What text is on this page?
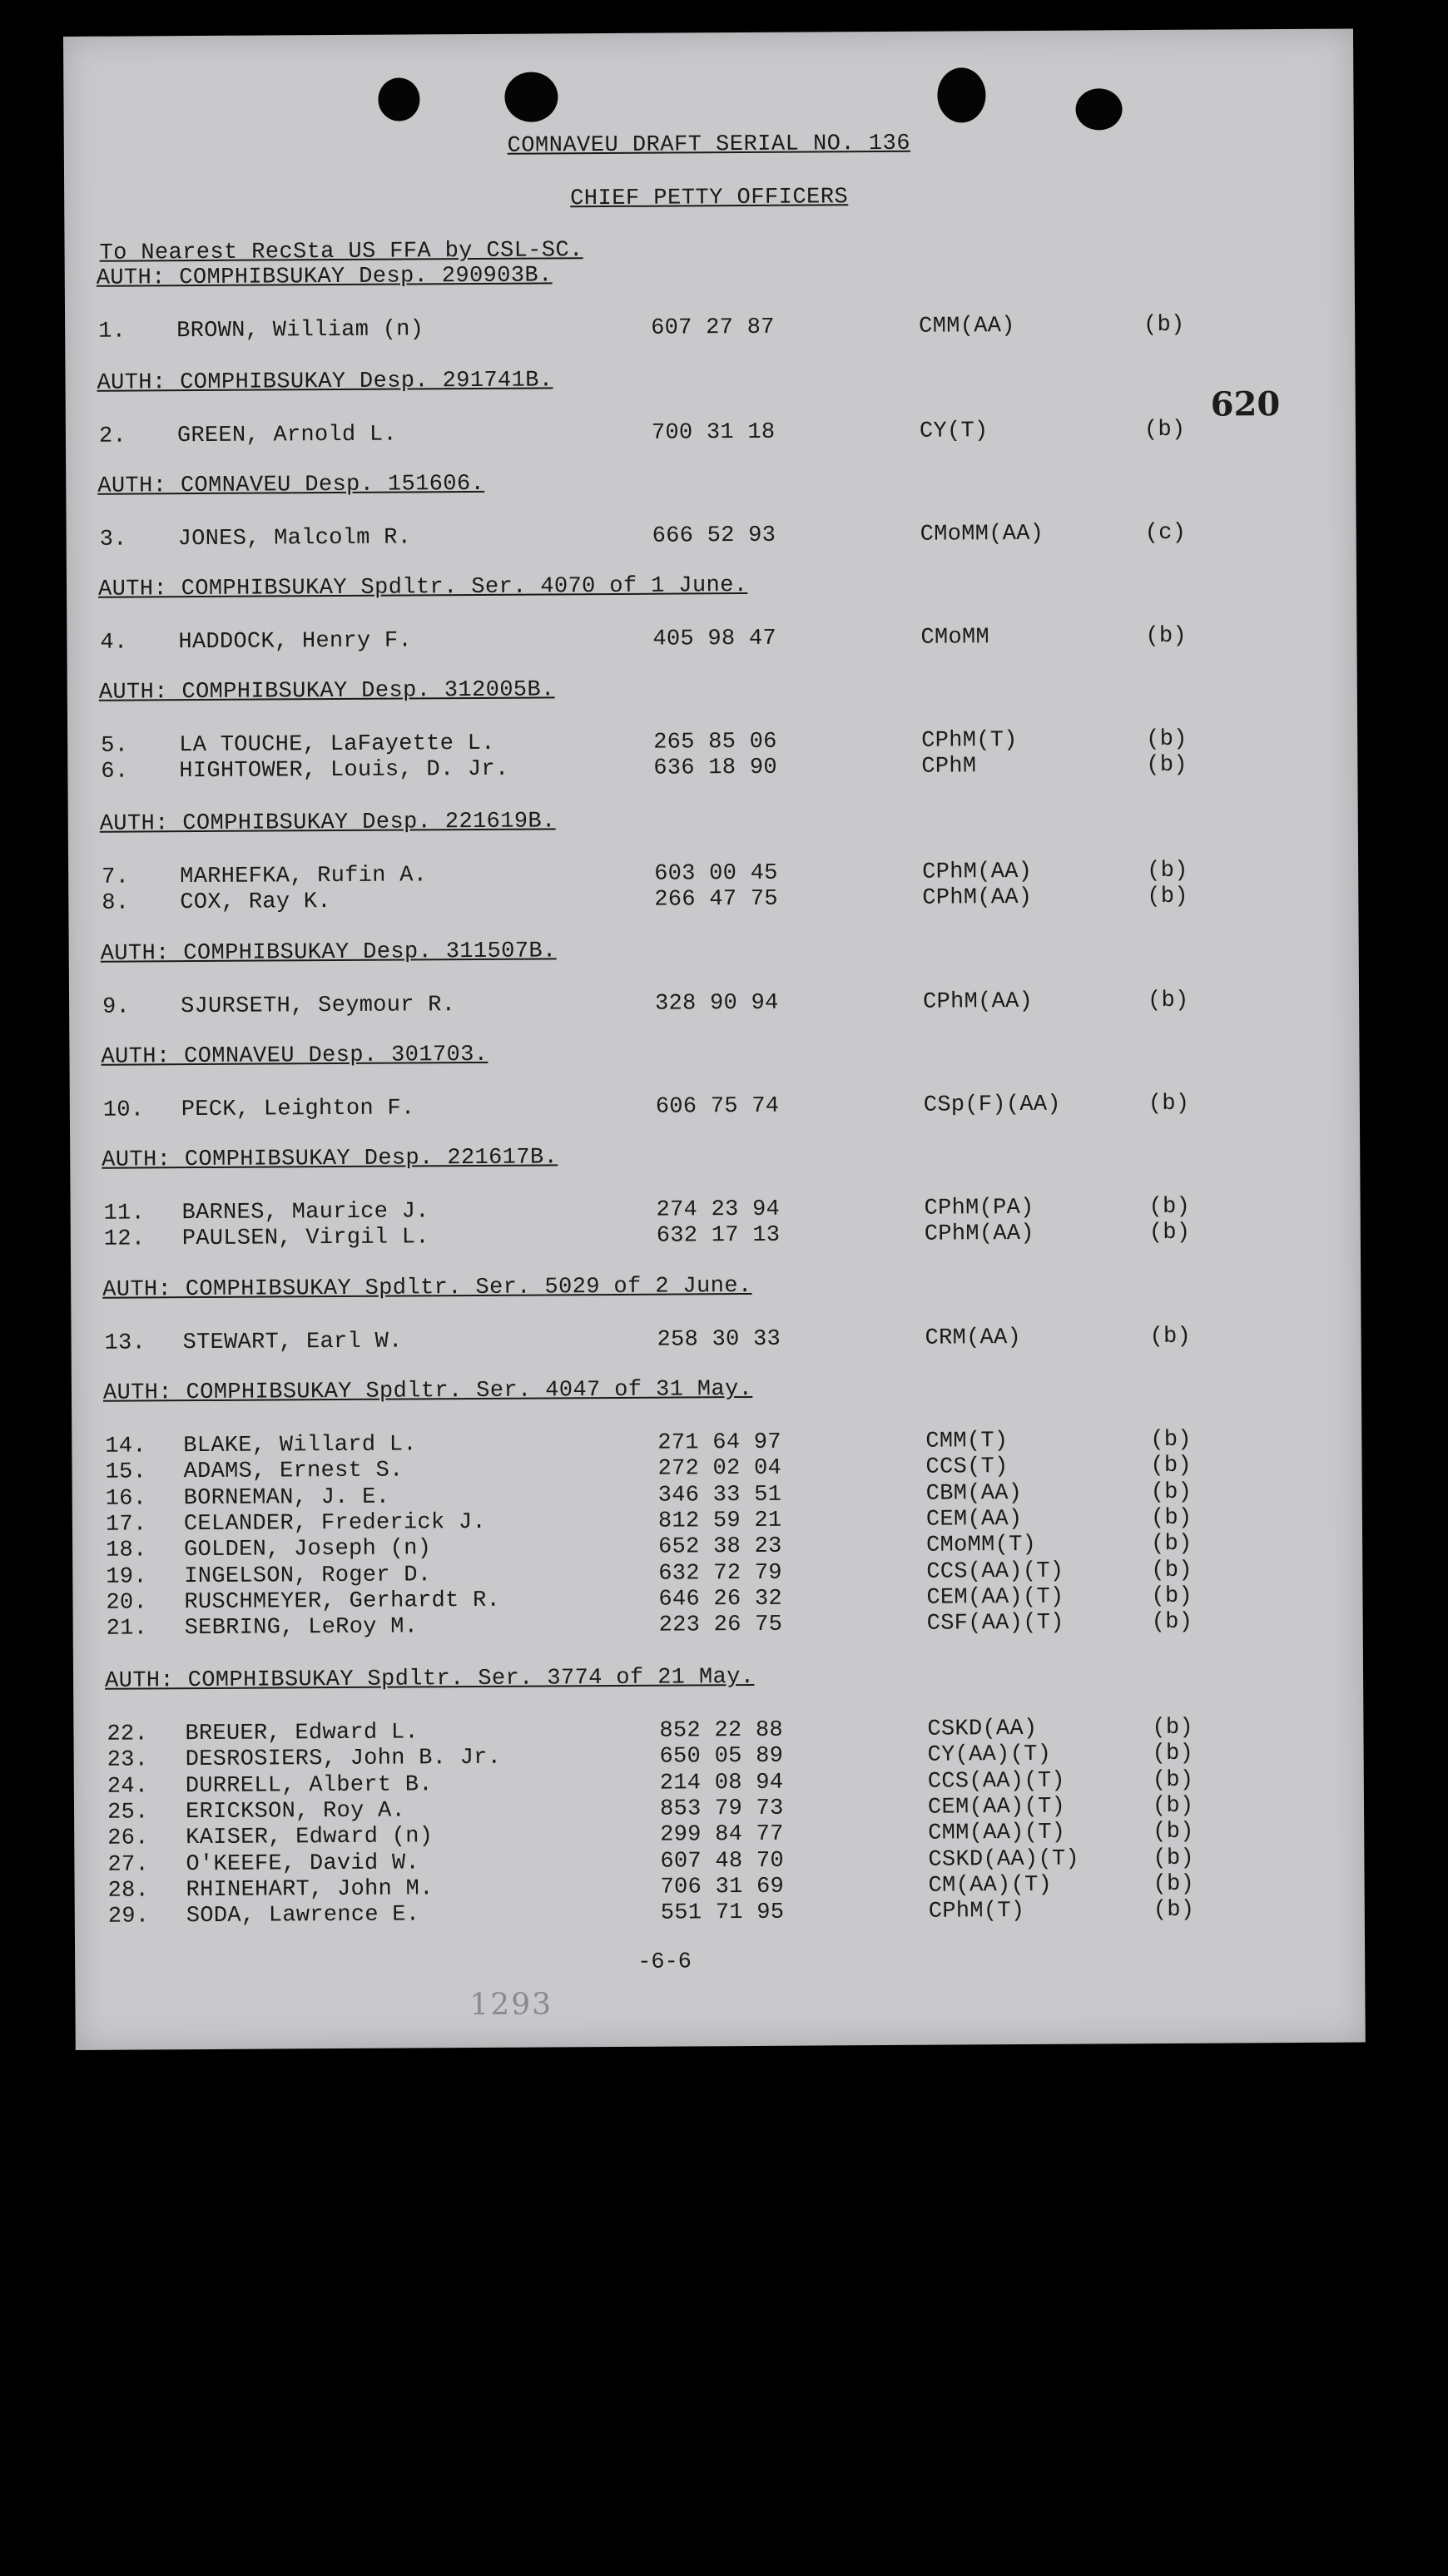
COMNAVEU DRAFT SERIAL NO. 136
CHIEF PETTY OFFICERS
To Nearest RecSta US FFA by CSL-SC.
620
AUTH: COMPHIBSUKAY Desp. 290903B.
1. BROWN, William (n)	607 27 87	CMM(AA)	(b)
AUTH: COMPHIBSUKAY Desp. 291741B.
2. GREEN, Arnold L.	700 31 18	CY(T)	(b)
AUTH: COMNAVEU Desp. 151606.
3. JONES, Malcolm R.	666 52 93	CMoMM(AA)	(c)
AUTH: COMPHIBSUKAY Spdltr. Ser. 4070 of 1 June.
4. HADDOCK, Henry F.	405 98 47	CMoMM	(b)
AUTH: COMPHIBSUKAY Desp. 312005B.
5. LA TOUCHE, LaFayette L.	265 85 06	CPhM(T)	(b)
6. HIGHTOWER, Louis, D. Jr.	636 18 90	CPhM	(b)
AUTH: COMPHIBSUKAY Desp. 221619B.
7. MARHEFKA, Rufin A.	603 00 45	CPhM(AA)	(b)
8. COX, Ray K.	266 47 75	CPhM(AA)	(b)
AUTH: COMPHIBSUKAY Desp. 311507B.
9. SJURSETH, Seymour R.	328 90 94	CPhM(AA)	(b)
AUTH: COMNAVEU Desp. 301703.
10. PECK, Leighton F.	606 75 74	CSp(F)(AA)	(b)
AUTH: COMPHIBSUKAY Desp. 221617B.
11. BARNES, Maurice J.	274 23 94	CPhM(PA)	(b)
12. PAULSEN, Virgil L.	632 17 13	CPhM(AA)	(b)
AUTH: COMPHIBSUKAY Spdltr. Ser. 5029 of 2 June.
13. STEWART, Earl W.	258 30 33	CRM(AA)	(b)
AUTH: COMPHIBSUKAY Spdltr. Ser. 4047 of 31 May.
14. BLAKE, Willard L.	271 64 97	CMM(T)	(b)
15. ADAMS, Ernest S.	272 02 04	CCS(T)	(b)
16. BORNEMAN, J. E.	346 33 51	CBM(AA)	(b)
17. CELANDER, Frederick J.	812 59 21	CEM(AA)	(b)
18. GOLDEN, Joseph (n)	652 38 23	CMoMM(T)	(b)
19. INGELSON, Roger D.	632 72 79	CCS(AA)(T)	(b)
20. RUSCHMEYER, Gerhardt R.	646 26 32	CEM(AA)(T)	(b)
21. SEBRING, LeRoy M.	223 26 75	CSF(AA)(T)	(b)
AUTH: COMPHIBSUKAY Spdltr. Ser. 3774 of 21 May.
22. BREUER, Edward L.	852 22 88	CSKD(AA)	(b)
23. DESROSIERS, John B. Jr.	650 05 89	CY(AA)(T)	(b)
24. DURRELL, Albert B.	214 08 94	CCS(AA)(T)	(b)
25. ERICKSON, Roy A.	853 79 73	CEM(AA)(T)	(b)
26. KAISER, Edward (n)	299 84 77	CMM(AA)(T)	(b)
27. O'KEEFE, David W.	607 48 70	CSKD(AA)(T)	(b)
28. RHINEHART, John M.	706 31 69	CM(AA)(T)	(b)
29. SODA, Lawrence E.	551 71 95	CPhM(T)	(b)
-6-6
1293
